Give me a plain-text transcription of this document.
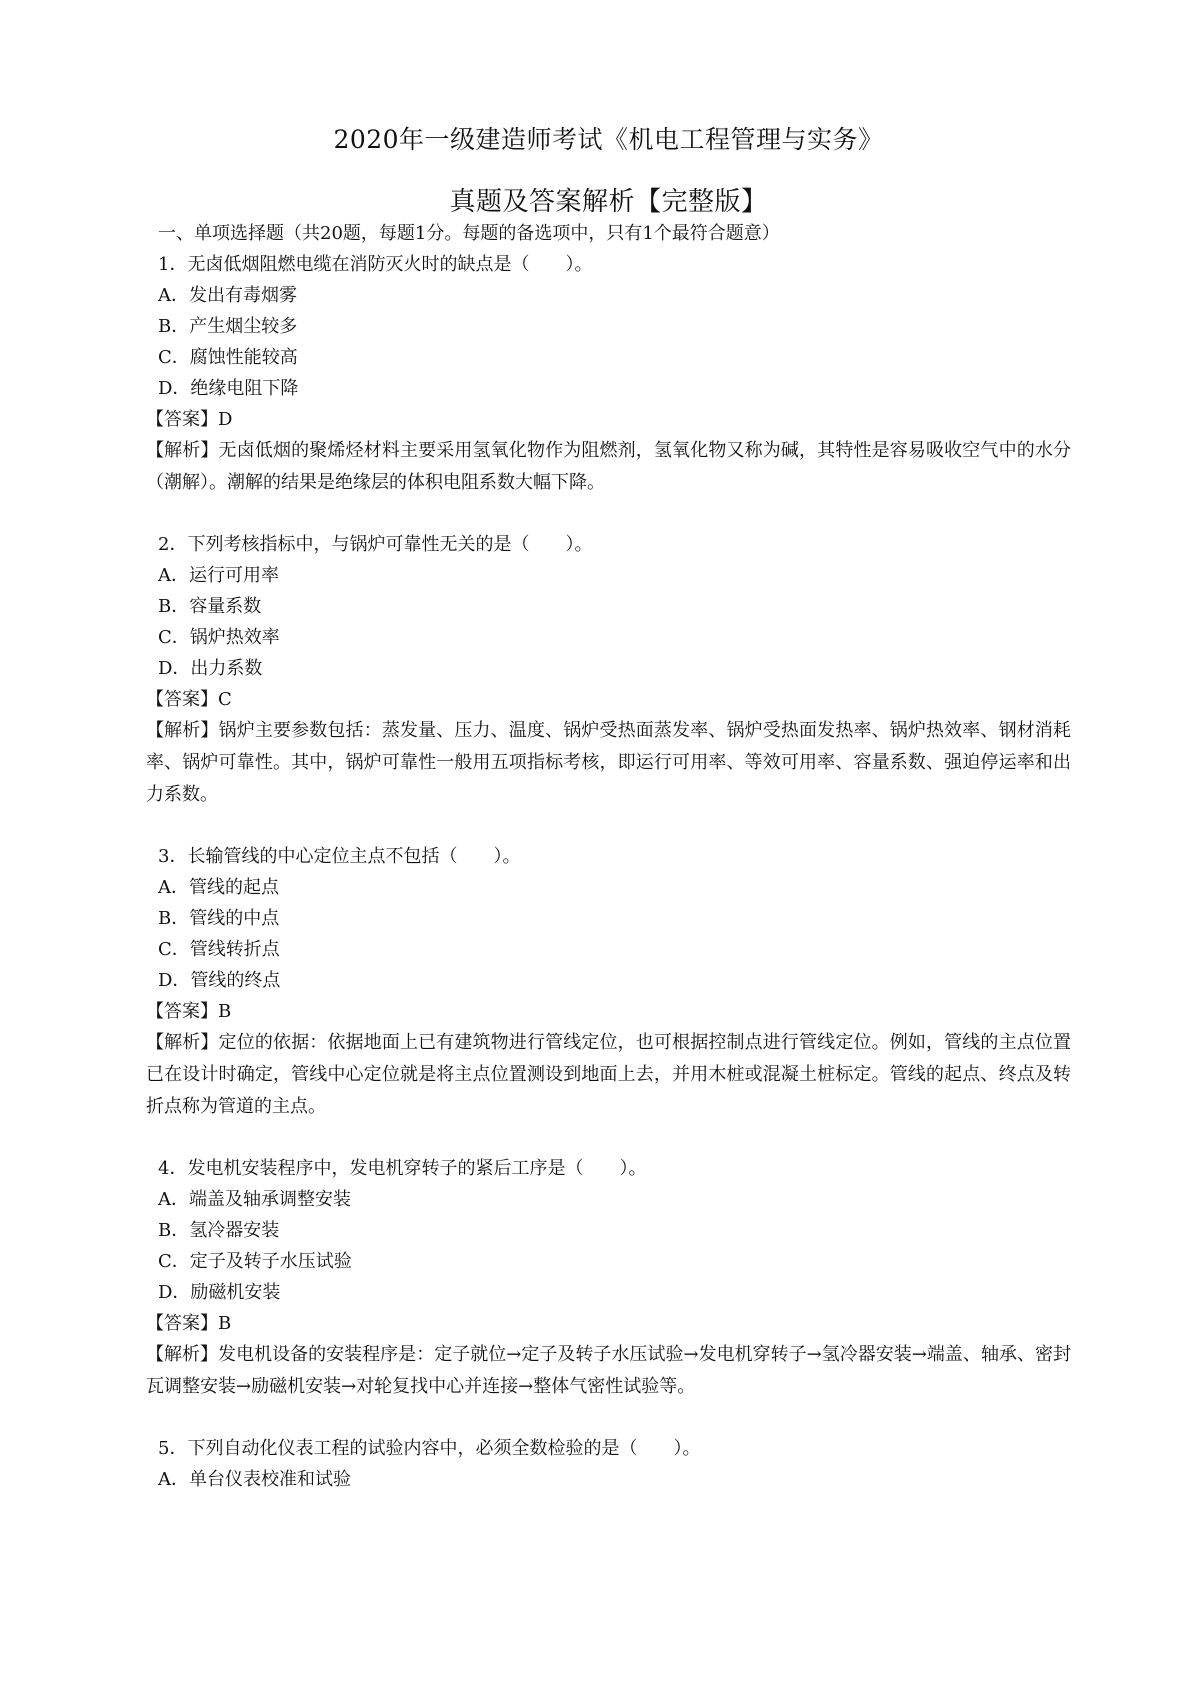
2020年一级建造师考试《机电工程管理与实务》
真题及答案解析【完整版】

一、单项选择题（共20题，每题1分。每题的备选项中，只有1个最符合题意）

1．无卤低烟阻燃电缆在消防灭火时的缺点是（　　）。

A．发出有毒烟雾

B．产生烟尘较多

C．腐蚀性能较高

D．绝缘电阻下降

【答案】D

【解析】无卤低烟的聚烯烃材料主要采用氢氧化物作为阻燃剂，氢氧化物又称为碱，其特性是容易吸收空气中的水分（潮解）。潮解的结果是绝缘层的体积电阻系数大幅下降。

2．下列考核指标中，与锅炉可靠性无关的是（　　）。

A．运行可用率

B．容量系数

C．锅炉热效率

D．出力系数

【答案】C

【解析】锅炉主要参数包括：蒸发量、压力、温度、锅炉受热面蒸发率、锅炉受热面发热率、锅炉热效率、钢材消耗率、锅炉可靠性。其中，锅炉可靠性一般用五项指标考核，即运行可用率、等效可用率、容量系数、强迫停运率和出力系数。

3．长输管线的中心定位主点不包括（　　）。

A．管线的起点

B．管线的中点

C．管线转折点

D．管线的终点

【答案】B

【解析】定位的依据：依据地面上已有建筑物进行管线定位，也可根据控制点进行管线定位。例如，管线的主点位置已在设计时确定，管线中心定位就是将主点位置测设到地面上去，并用木桩或混凝土桩标定。管线的起点、终点及转折点称为管道的主点。

4．发电机安装程序中，发电机穿转子的紧后工序是（　　）。

A．端盖及轴承调整安装

B．氢冷器安装

C．定子及转子水压试验

D．励磁机安装

【答案】B

【解析】发电机设备的安装程序是：定子就位→定子及转子水压试验→发电机穿转子→氢冷器安装→端盖、轴承、密封瓦调整安装→励磁机安装→对轮复找中心并连接→整体气密性试验等。

5．下列自动化仪表工程的试验内容中，必须全数检验的是（　　）。

A．单台仪表校准和试验
